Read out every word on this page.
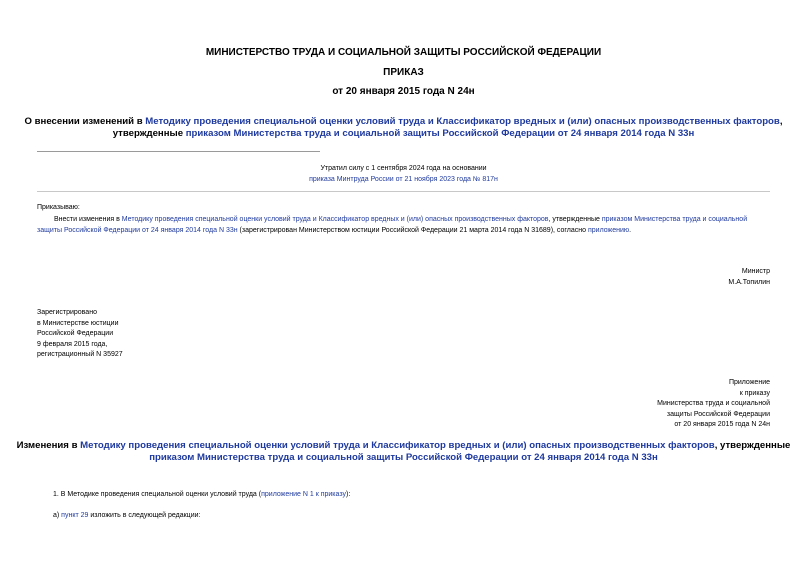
МИНИСТЕРСТВО ТРУДА И СОЦИАЛЬНОЙ ЗАЩИТЫ РОССИЙСКОЙ ФЕДЕРАЦИИ
ПРИКАЗ
от 20 января 2015 года N 24н
О внесении изменений в Методику проведения специальной оценки условий труда и Классификатор вредных и (или) опасных производственных факторов,
утвержденные приказом Министерства труда и социальной защиты Российской Федерации от 24 января 2014 года N 33н
Утратил силу с 1 сентября 2024 года на основании
приказа Минтруда России от 21 ноября 2023 года № 817н
Приказываю:
Внести изменения в Методику проведения специальной оценки условий труда и Классификатор вредных и (или) опасных производственных факторов, утвержденные приказом Министерства труда и социальной защиты Российской Федерации от 24 января 2014 года N 33н (зарегистрирован Министерством юстиции Российской Федерации 21 марта 2014 года N 31689), согласно приложению.
Министр
М.А.Топилин
Зарегистрировано
в Министерстве юстиции
Российской Федерации
9 февраля 2015 года,
регистрационный N 35927
Приложение
к приказу
Министерства труда и социальной
защиты Российской Федерации
от 20 января 2015 года N 24н
Изменения в Методику проведения специальной оценки условий труда и Классификатор вредных и (или) опасных производственных факторов, утвержденные
приказом Министерства труда и социальной защиты Российской Федерации от 24 января 2014 года N 33н
1. В Методике проведения специальной оценки условий труда (приложение N 1 к приказу):
а) пункт 29 изложить в следующей редакции:
